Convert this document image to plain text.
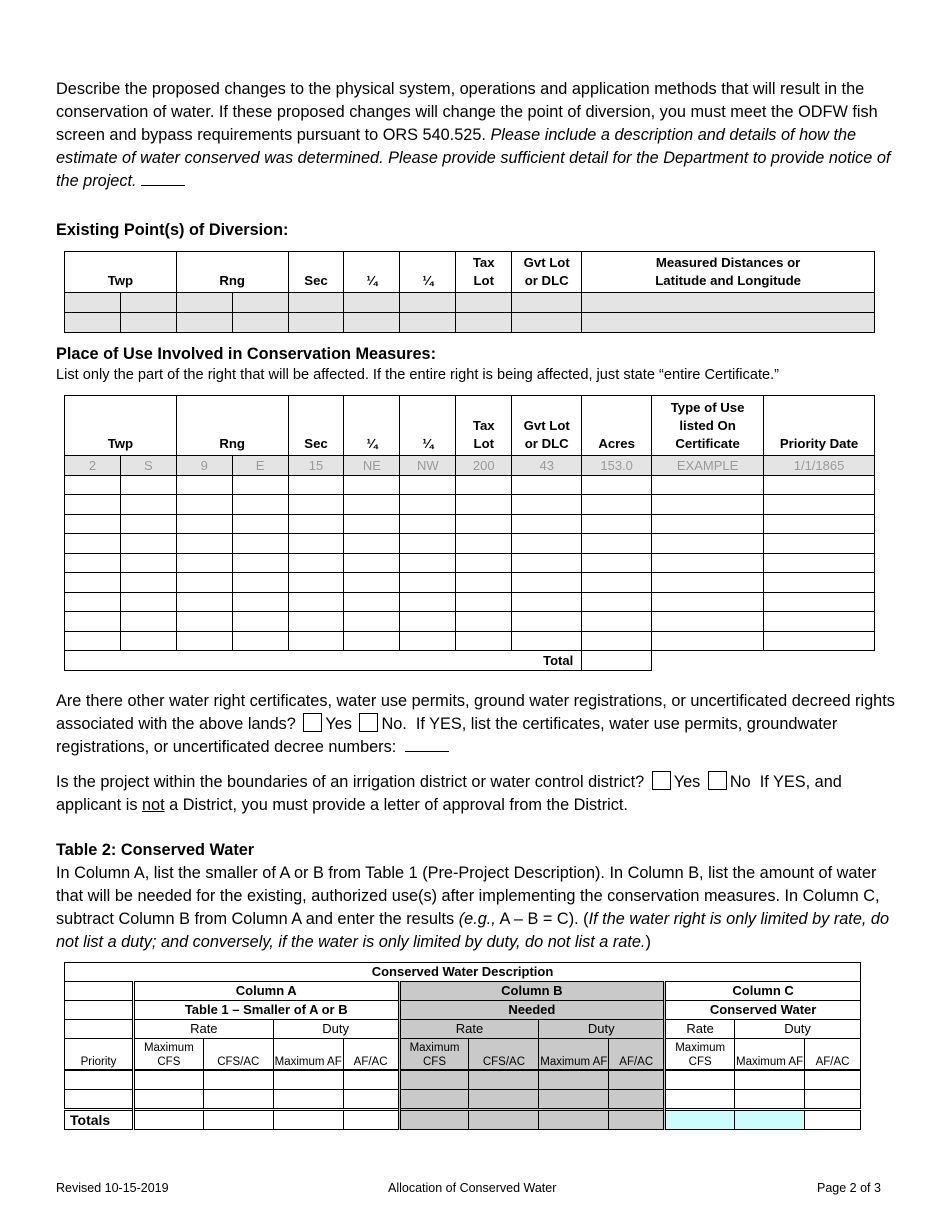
Describe the proposed changes to the physical system, operations and application methods that will result in the conservation of water. If these proposed changes will change the point of diversion, you must meet the ODFW fish screen and bypass requirements pursuant to ORS 540.525. Please include a description and details of how the estimate of water conserved was determined. Please provide sufficient detail for the Department to provide notice of the project.

Existing Point(s) of Diversion:
Twp		Rng		Sec	¼	¼	Tax Lot	Gvt Lot or DLC	Measured Distances or Latitude and Longitude

Place of Use Involved in Conservation Measures:
List only the part of the right that will be affected. If the entire right is being affected, just state “entire Certificate.”
Twp		Rng		Sec	¼	¼	Tax Lot	Gvt Lot or DLC	Acres	Type of Use listed On Certificate	Priority Date
2	S	9	E	15	NE	NW	200	43	153.0	EXAMPLE	1/1/1865

Total											

Are there other water right certificates, water use permits, ground water registrations, or uncertificated decreed rights associated with the above lands? Yes No. If YES, list the certificates, water use permits, groundwater registrations, or uncertificated decree numbers:

Is the project within the boundaries of an irrigation district or water control district? Yes No If YES, and applicant is not a District, you must provide a letter of approval from the District.

Table 2: Conserved Water

In Column A, list the smaller of A or B from Table 1 (Pre-Project Description). In Column B, list the amount of water that will be needed for the existing, authorized use(s) after implementing the conservation measures. In Column C, subtract Column B from Column A and enter the results (e.g., A – B = C). (If the water right is only limited by rate, do not list a duty; and conversely, if the water is only limited by duty, do not list a rate.)

Conserved Water Description											
	Column A				Column B				Column C		
	Table 1 – Smaller of A or B				Needed				Conserved Water		
	Rate		Duty		Rate		Duty		Rate	Duty	
Priority	Maximum CFS	CFS/AC	Maximum AF	AF/AC	Maximum CFS	CFS/AC	Maximum AF	AF/AC	Maximum CFS	Maximum AF	AF/AC

Totals											
Revised 10-15-2019	Allocation of Conserved Water	Page 2 of 3
